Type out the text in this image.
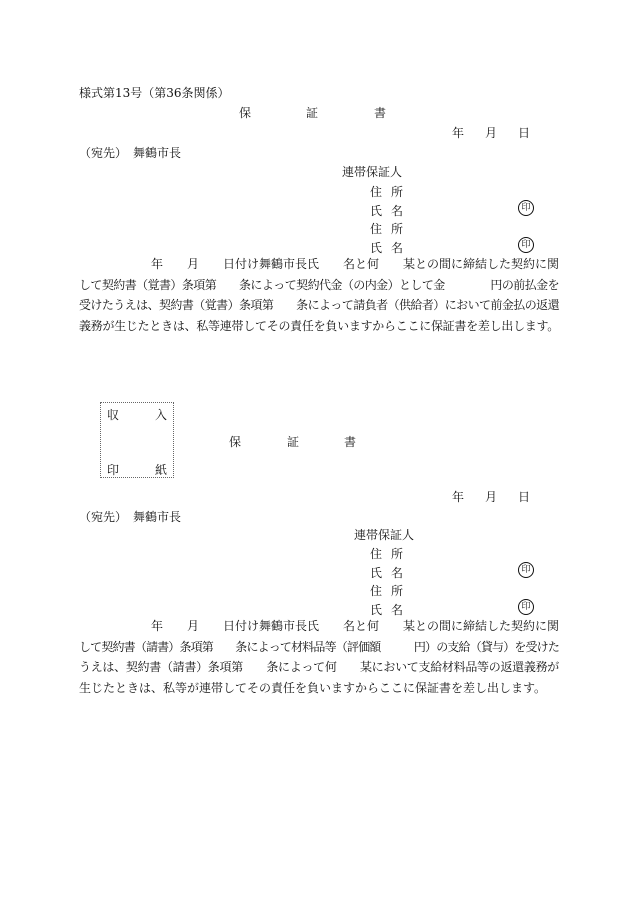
様式第13号（第36条関係）
保	証	書
年 月 日
（宛先）　舞鶴市長
連帯保証人
住 所
氏 名	印
住 所
氏 名	印
　　　　　　年　　月　　日付け舞鶴市長氏　　名と何　　某との間に締結した契約に関
して契約書（覚書）条項第　　条によって契約代金（の内金）として金　　　　円の前払金を
受けたうえは、契約書（覚書）条項第　　条によって請負者（供給者）において前金払の返還
義務が生じたときは、私等連帯してその責任を負いますからここに保証書を差し出します。
収	入
印	紙
保	証	書
年 月 日
（宛先）　舞鶴市長
連帯保証人
住 所
氏 名	印
住 所
氏 名	印
　　　　　　年　　月　　日付け舞鶴市長氏　　名と何　　某との間に締結した契約に関
して契約書（請書）条項第　　条によって材料品等（評価額　　　円）の支給（貸与）を受けた
うえは、契約書（請書）条項第　　条によって何　　某において支給材料品等の返還義務が
生じたときは、私等が連帯してその責任を負いますからここに保証書を差し出します。
